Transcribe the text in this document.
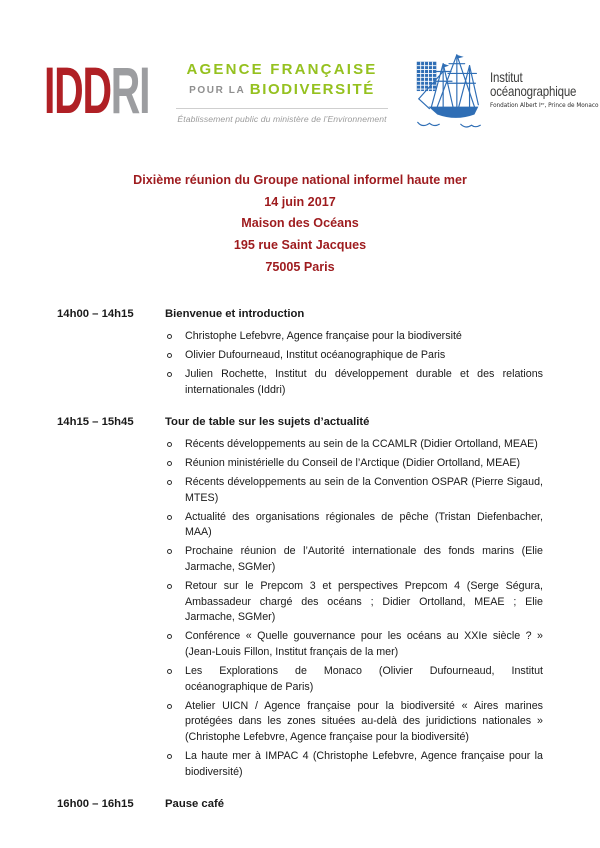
IDDRI	AGENCE FRANÇAISE
POUR LA BIODIVERSITÉ
Établissement public du ministère de l’Environnement
Institut
océanographique
Fondation Albert Iᵉʳ, Prince de Monaco
Dixième réunion du Groupe national informel haute mer
14 juin 2017
Maison des Océans
195 rue Saint Jacques
75005 Paris
14h00 – 14h15	Bienvenue et introduction
Christophe Lefebvre, Agence française pour la biodiversité
Olivier Dufourneaud, Institut océanographique de Paris
Julien Rochette, Institut du développement durable et des relations internationales (Iddri)
14h15 – 15h45	Tour de table sur les sujets d’actualité
Récents développements au sein de la CCAMLR (Didier Ortolland, MEAE)
Réunion ministérielle du Conseil de l’Arctique (Didier Ortolland, MEAE)
Récents développements au sein de la Convention OSPAR (Pierre Sigaud, MTES)
Actualité des organisations régionales de pêche (Tristan Diefenbacher, MAA)
Prochaine réunion de l’Autorité internationale des fonds marins (Elie Jarmache, SGMer)
Retour sur le Prepcom 3 et perspectives Prepcom 4 (Serge Ségura, Ambassadeur chargé des océans ; Didier Ortolland, MEAE ; Elie Jarmache, SGMer)
Conférence « Quelle gouvernance pour les océans au XXIe siècle ? » (Jean-Louis Fillon, Institut français de la mer)
Les Explorations de Monaco (Olivier Dufourneaud, Institut océanographique de Paris)
Atelier UICN / Agence française pour la biodiversité « Aires marines protégées dans les zones situées au-delà des juridictions nationales » (Christophe Lefebvre, Agence française pour la biodiversité)
La haute mer à IMPAC 4 (Christophe Lefebvre, Agence française pour la biodiversité)
16h00 – 16h15	Pause café
